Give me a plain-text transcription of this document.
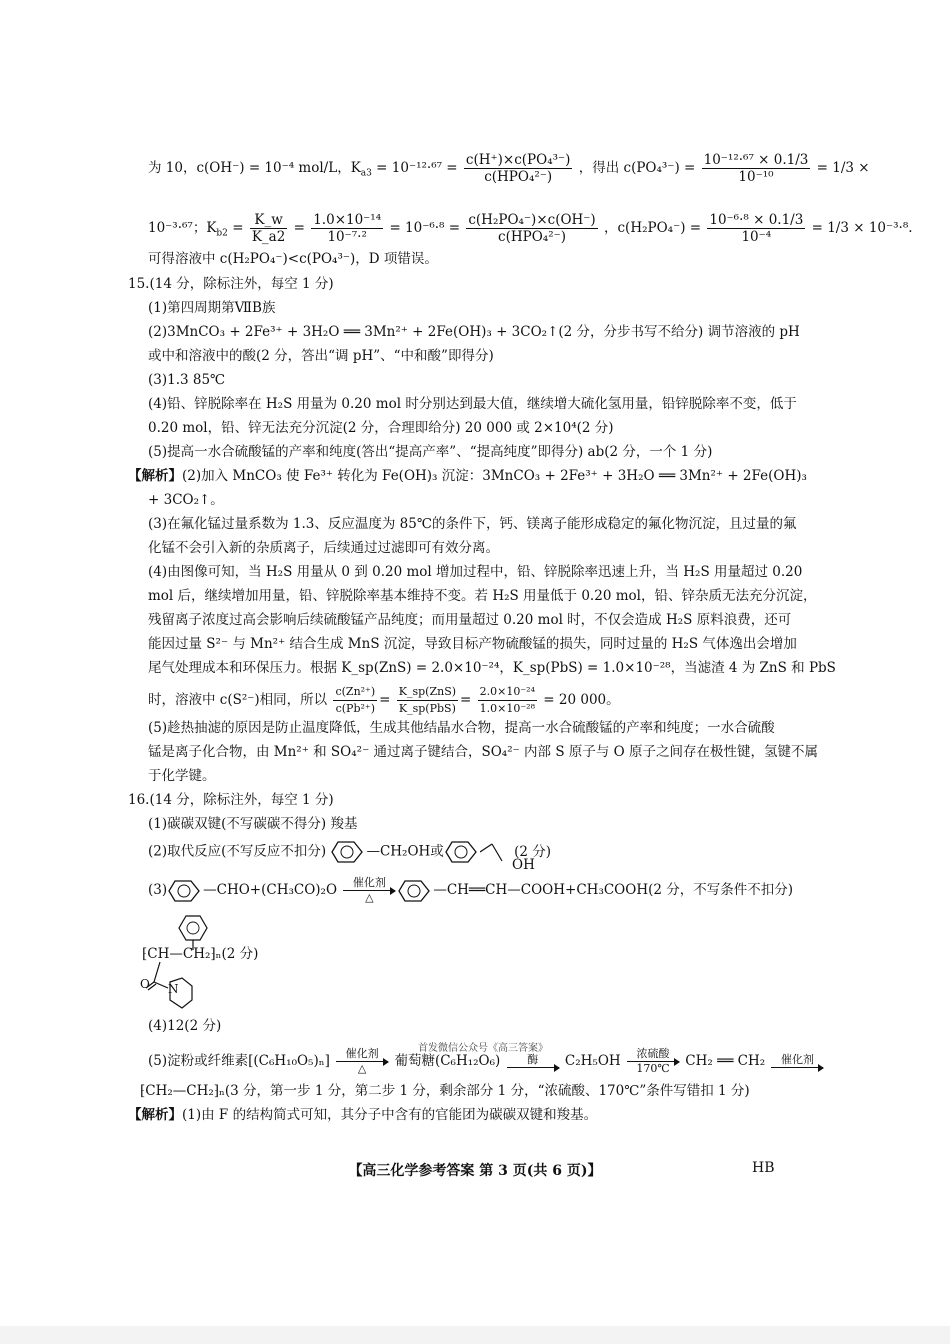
为 10，c(OH⁻) = 10⁻⁴ mol/L，$K_{a3} = 10^{-12}\cdot^{67} = \frac{\text{c(H⁺)×c(PO₄³⁻)}}{\text{c(HPO₄²⁻)}}$ ，得出 $c(PO_4^{3-}) = \frac{\text{10⁻¹²·⁶⁷ × 0.1/3}}{\text{10⁻¹⁰}} = 1/3$ ×
10⁻³·⁶⁷；$K_{b2} = \frac{K\_w}{K\_a2} = \frac{\text{1.0×10⁻¹⁴}}{\text{10⁻⁷·²}} = 10^{-6}\cdot^8 = \frac{\text{c(H₂PO₄⁻)×c(OH⁻)}}{\text{c(HPO₄²⁻)}}$ ，$c(H_2PO_4^-) = \frac{\text{10⁻⁶·⁸ × 0.1/3}}{\text{10⁻⁴}} = 1/3 \times 10^{-3}\cdot^8$.
可得溶液中 c(H₂PO₄⁻)<c(PO₄³⁻)，D 项错误。
15.(14 分，除标注外，每空 1 分)
(1)第四周期第ⅦB族
(2)3MnCO₃ + 2Fe³⁺ + 3H₂O ══ 3Mn²⁺ + 2Fe(OH)₃ + 3CO₂↑(2 分，分步书写不给分) 调节溶液的 pH
或中和溶液中的酸(2 分，答出“调 pH”、“中和酸”即得分)
(3)1.3 85℃
(4)铅、锌脱除率在 H₂S 用量为 0.20 mol 时分别达到最大值，继续增大硫化氢用量，铅锌脱除率不变，低于
0.20 mol，铅、锌无法充分沉淀(2 分，合理即给分) 20 000 或 2×10⁴(2 分)
(5)提高一水合硫酸锰的产率和纯度(答出“提高产率”、“提高纯度”即得分) ab(2 分，一个 1 分)
【解析】(2)加入 MnCO₃ 使 Fe³⁺ 转化为 Fe(OH)₃ 沉淀：3MnCO₃ + 2Fe³⁺ + 3H₂O ══ 3Mn²⁺ + 2Fe(OH)₃
+ 3CO₂↑。
(3)在氟化锰过量系数为 1.3、反应温度为 85℃的条件下，钙、镁离子能形成稳定的氟化物沉淀，且过量的氟
化锰不会引入新的杂质离子，后续通过过滤即可有效分离。
(4)由图像可知，当 H₂S 用量从 0 到 0.20 mol 增加过程中，铅、锌脱除率迅速上升，当 H₂S 用量超过 0.20
mol 后，继续增加用量，铅、锌脱除率基本维持不变。若 H₂S 用量低于 0.20 mol，铅、锌杂质无法充分沉淀，
残留离子浓度过高会影响后续硫酸锰产品纯度；而用量超过 0.20 mol 时，不仅会造成 H₂S 原料浪费，还可
能因过量 S²⁻ 与 Mn²⁺ 结合生成 MnS 沉淀，导致目标产物硫酸锰的损失，同时过量的 H₂S 气体逸出会增加
尾气处理成本和环保压力。根据 K_sp(ZnS) = 2.0×10⁻²⁴，K_sp(PbS) = 1.0×10⁻²⁸，当滤渣 4 为 ZnS 和 PbS
时，溶液中 c(S²⁻)相同，所以 $\frac{\text{c(Zn²⁺)}}{\text{c(Pb²⁺)}} = \frac{\text{K\_sp(ZnS)}}{\text{K\_sp(PbS)}} = \frac{\text{2.0×10⁻²⁴}}{\text{1.0×10⁻²⁸}} = 20$ 000。
(5)趁热抽滤的原因是防止温度降低，生成其他结晶水合物，提高一水合硫酸锰的产率和纯度；一水合硫酸
锰是离子化合物，由 Mn²⁺ 和 SO₄²⁻ 通过离子键结合，SO₄²⁻ 内部 S 原子与 O 原子之间存在极性键，氢键不属
于化学键。
16.(14 分，除标注外，每空 1 分)
(1)碳碳双键(不写碳碳不得分) 羧基
(2)取代反应(不写反应不扣分)	—CH₂OH或	(2 分)
OH
(3)	—CHO+(CH₃CO)₂O	催化剂
△	—CH══CH—COOH+CH₃COOH(2 分，不写条件不扣分)
⁅CH—CH₂⁆ₙ(2 分)
O N
(4)12(2 分)
(5)淀粉或纤维素[(C₆H₁₀O₅)ₙ]	催化剂
△	葡萄糖(C₆H₁₂O₆)	酶	C₂H₅OH	浓硫酸
170℃	CH₂ ══ CH₂	催化剂
首发微信公众号《高三答案》
⁅CH₂—CH₂⁆ₙ(3 分，第一步 1 分，第二步 1 分，剩余部分 1 分，“浓硫酸、170℃”条件写错扣 1 分)
【解析】(1)由 F 的结构简式可知，其分子中含有的官能团为碳碳双键和羧基。
【高三化学参考答案 第 3 页(共 6 页)】	HB
